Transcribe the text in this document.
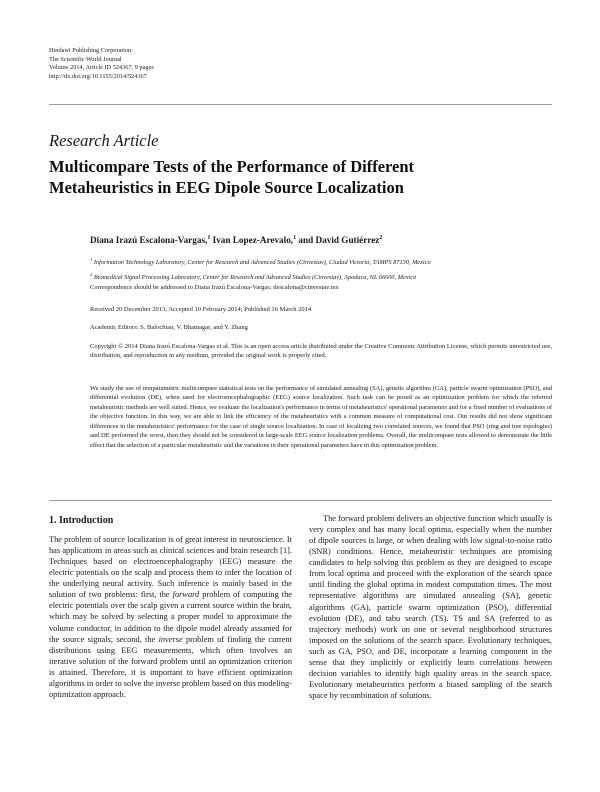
Hindawi Publishing Corporation
The Scientific World Journal
Volume 2014, Article ID 524367, 9 pages
http://dx.doi.org/10.1155/2014/524367
Research Article
Multicompare Tests of the Performance of Different
Metaheuristics in EEG Dipole Source Localization
Diana Irazú Escalona-Vargas,$^1$ Ivan Lopez-Arevalo,$^1$ and David Gutiérrez$^2$
$^1$ Information Technology Laboratory, Center for Research and Advanced Studies (Cinvestav), Ciudad Victoria, TAMPS 87130, Mexico
$^2$ Biomedical Signal Processing Laboratory, Center for Research and Advanced Studies (Cinvestav), Apodaca, NL 66600, Mexico
Correspondence should be addressed to Diana Irazú Escalona-Vargas; descalona@cinvestav.mx
Received 20 December 2013; Accepted 10 February 2014; Published 16 March 2014
Academic Editors: S. Balochian, V. Bhatnagar, and Y. Zhang
Copyright © 2014 Diana Irazú Escalona-Vargas et al. This is an open access article distributed under the Creative Commons Attribution License, which permits unrestricted use, distribution, and reproduction in any medium, provided the original work is properly cited.
We study the use of nonparametric multicompare statistical tests on the performance of simulated annealing (SA), genetic algorithm (GA), particle swarm optimization (PSO), and differential evolution (DE), when used for electroencephalographic (EEG) source localization. Such task can be posed as an optimization problem for which the referred metaheuristic methods are well suited. Hence, we evaluate the localization's performance in terms of metaheuristics' operational parameters and for a fixed number of evaluations of the objective function. In this way, we are able to link the efficiency of the metaheuristics with a common measure of computational cost. Our results did not show significant differences in the metaheuristics' performance for the case of single source localization. In case of localizing two correlated sources, we found that PSO (ring and tree topologies) and DE performed the worst, then they should not be considered in large-scale EEG source localization problems. Overall, the multicompare tests allowed to demonstrate the little effect that the selection of a particular metaheuristic and the variations in their operational parameters have in this optimization problem.
1. Introduction

The problem of source localization is of great interest in neuroscience. It has applications in areas such as clinical sciences and brain research [1]. Techniques based on electroencephalography (EEG) measure the electric potentials on the scalp and process them to infer the location of the underlying neural activity. Such inference is mainly based in the solution of two problems: first, the forward problem of computing the electric potentials over the scalp given a current source within the brain, which may be solved by selecting a proper model to approximate the volume conductor, in addition to the dipole model already assumed for the source signals; second, the inverse problem of finding the current distributions using EEG measurements, which often involves an iterative solution of the forward problem until an optimization criterion is attained. Therefore, it is important to have efficient optimization algorithms in order to solve the inverse problem based on this modeling-optimization approach.

The forward problem delivers an objective function which usually is very complex and has many local optima, especially when the number of dipole sources is large, or when dealing with low signal-to-noise ratio (SNR) conditions. Hence, metaheuristic techniques are promising candidates to help solving this problem as they are designed to escape from local optima and proceed with the exploration of the search space until finding the global optima in modest computation times. The most representative algorithms are simulated annealing (SA), genetic algorithms (GA), particle swarm optimization (PSO), differential evolution (DE), and tabu search (TS). TS and SA (referred to as trajectory methods) work on one or several neighborhood structures imposed on the solutions of the search space. Evolutionary techniques, such as GA, PSO, and DE, incorporate a learning component in the sense that they implicitly or explicitly learn correlations between decision variables to identify high quality areas in the search space. Evolutionary metaheuristics perform a biased sampling of the search space by recombination of solutions.
